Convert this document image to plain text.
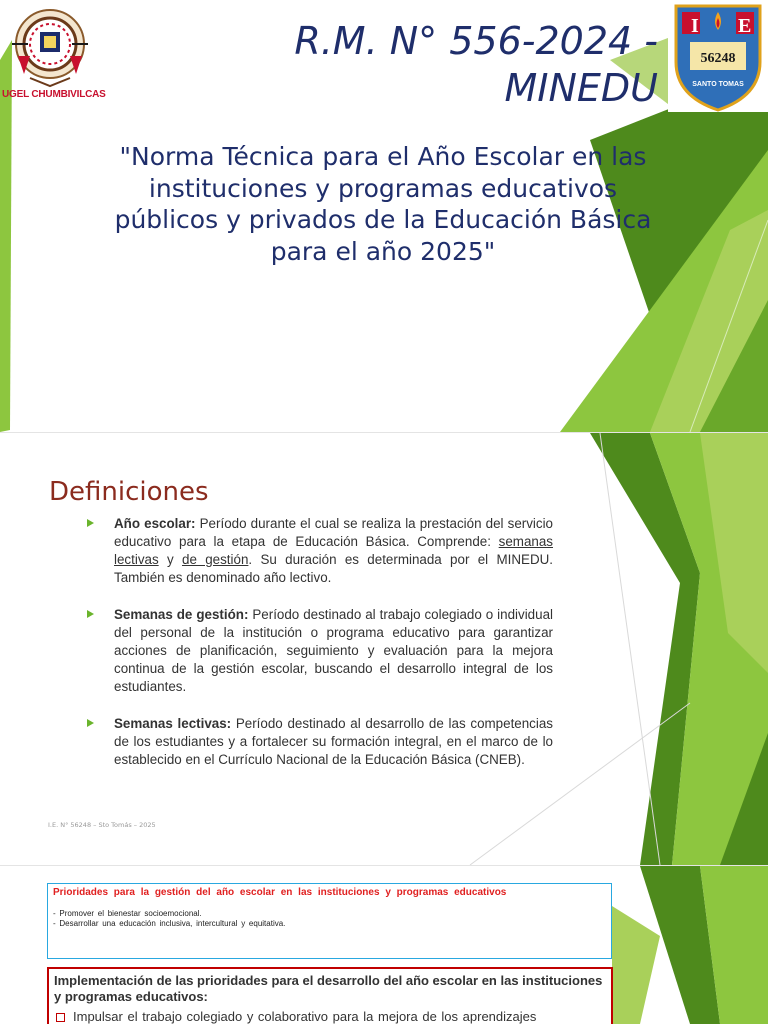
UGEL CHUMBIVILCAS
R.M. N° 556-2024 -
MINEDU
I E
56248
SANTO TOMAS
"Norma Técnica para el Año Escolar en las instituciones y programas educativos públicos y privados de la Educación Básica para el año 2025"
Definiciones
Año escolar: Período durante el cual se realiza la prestación del servicio educativo para la etapa de Educación Básica. Comprende: semanas lectivas y de gestión. Su duración es determinada por el MINEDU. También es denominado año lectivo.
Semanas de gestión: Período destinado al trabajo colegiado o individual del personal de la institución o programa educativo para garantizar acciones de planificación, seguimiento y evaluación para la mejora continua de la gestión escolar, buscando el desarrollo integral de los estudiantes.
Semanas lectivas: Período destinado al desarrollo de las competencias de los estudiantes y a fortalecer su formación integral, en el marco de lo establecido en el Currículo Nacional de la Educación Básica (CNEB).
I.E. N° 56248 – Sto Tomás – 2025
Prioridades para la gestión del año escolar en las instituciones y programas educativos
- Promover el bienestar socioemocional.
- Desarrollar una educación inclusiva, intercultural y equitativa.
Implementación de las prioridades para el desarrollo del año escolar en las instituciones y programas educativos:
Impulsar el trabajo colegiado y colaborativo para la mejora de los aprendizajes
